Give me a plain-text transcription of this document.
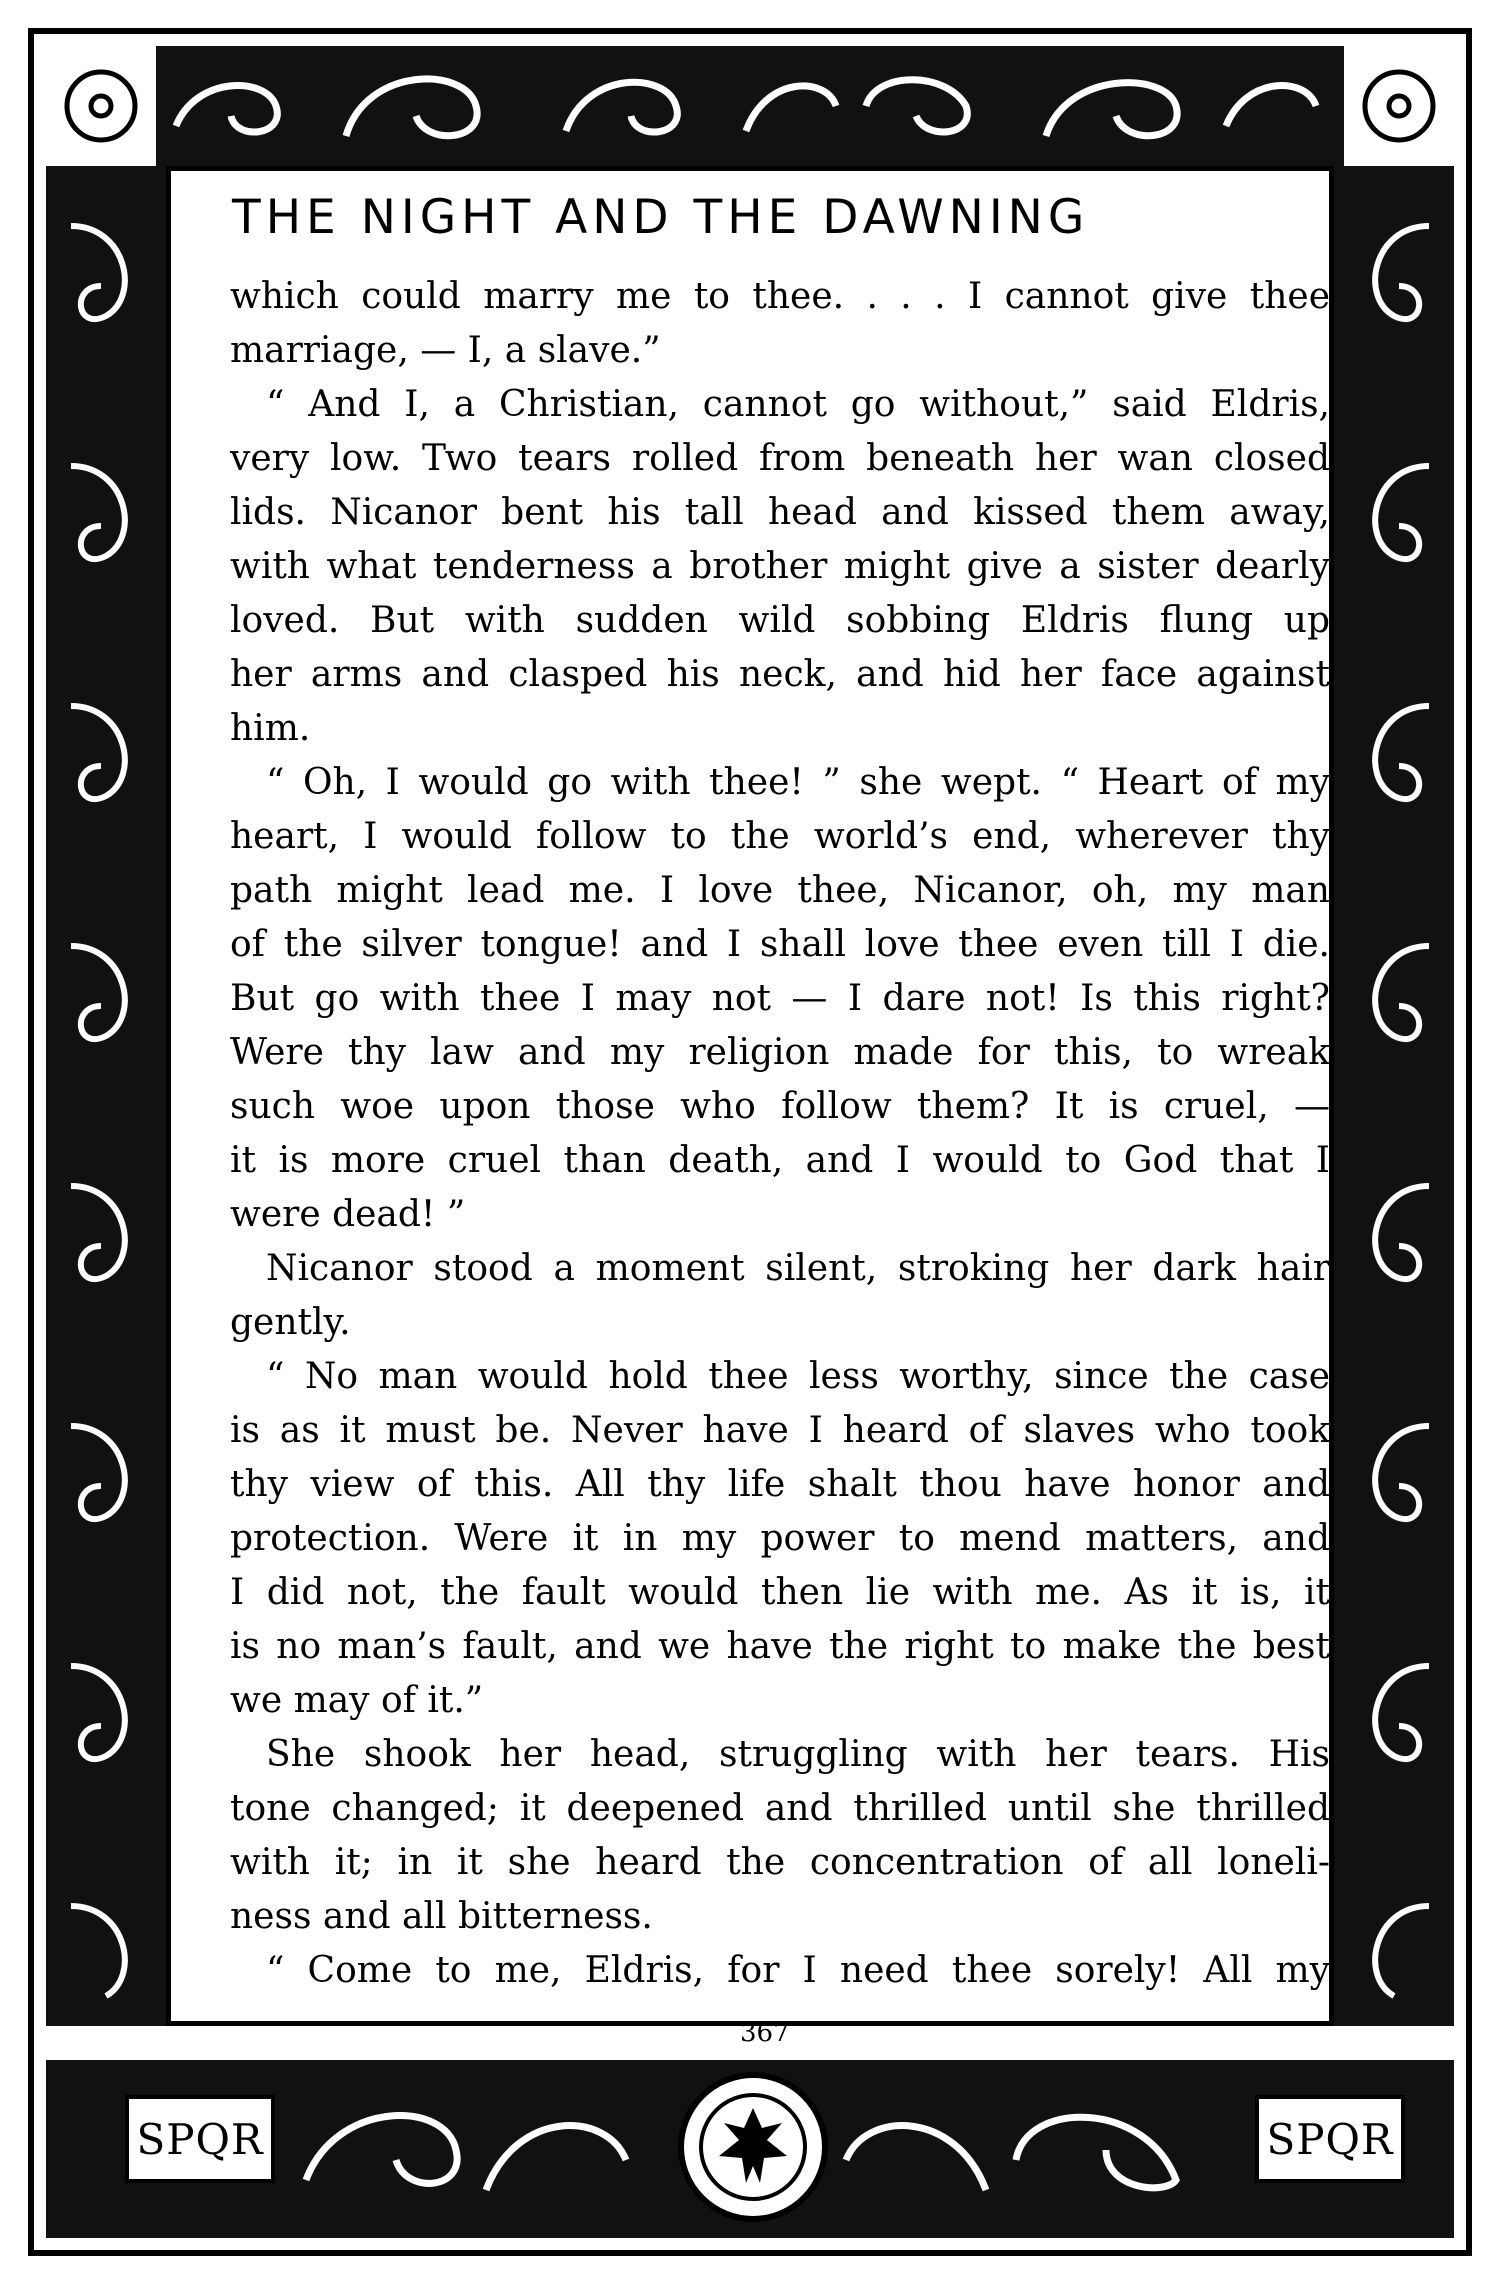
SPQR	SPQR
THE NIGHT AND THE DAWNING
which could marry me to thee. . . . I cannot give thee
marriage, — I, a slave.”
“ And I, a Christian, cannot go without,” said Eldris,
very low. Two tears rolled from beneath her wan closed
lids. Nicanor bent his tall head and kissed them away,
with what tenderness a brother might give a sister dearly
loved. But with sudden wild sobbing Eldris flung up
her arms and clasped his neck, and hid her face against
him.
“ Oh, I would go with thee! ” she wept. “ Heart of my
heart, I would follow to the world’s end, wherever thy
path might lead me. I love thee, Nicanor, oh, my man
of the silver tongue! and I shall love thee even till I die.
But go with thee I may not — I dare not! Is this right?
Were thy law and my religion made for this, to wreak
such woe upon those who follow them? It is cruel, —
it is more cruel than death, and I would to God that I
were dead! ”
Nicanor stood a moment silent, stroking her dark hair
gently.
“ No man would hold thee less worthy, since the case
is as it must be. Never have I heard of slaves who took
thy view of this. All thy life shalt thou have honor and
protection. Were it in my power to mend matters, and
I did not, the fault would then lie with me. As it is, it
is no man’s fault, and we have the right to make the best
we may of it.”
She shook her head, struggling with her tears. His
tone changed; it deepened and thrilled until she thrilled
with it; in it she heard the concentration of all loneli-
ness and all bitterness.
“ Come to me, Eldris, for I need thee sorely! All my
367
